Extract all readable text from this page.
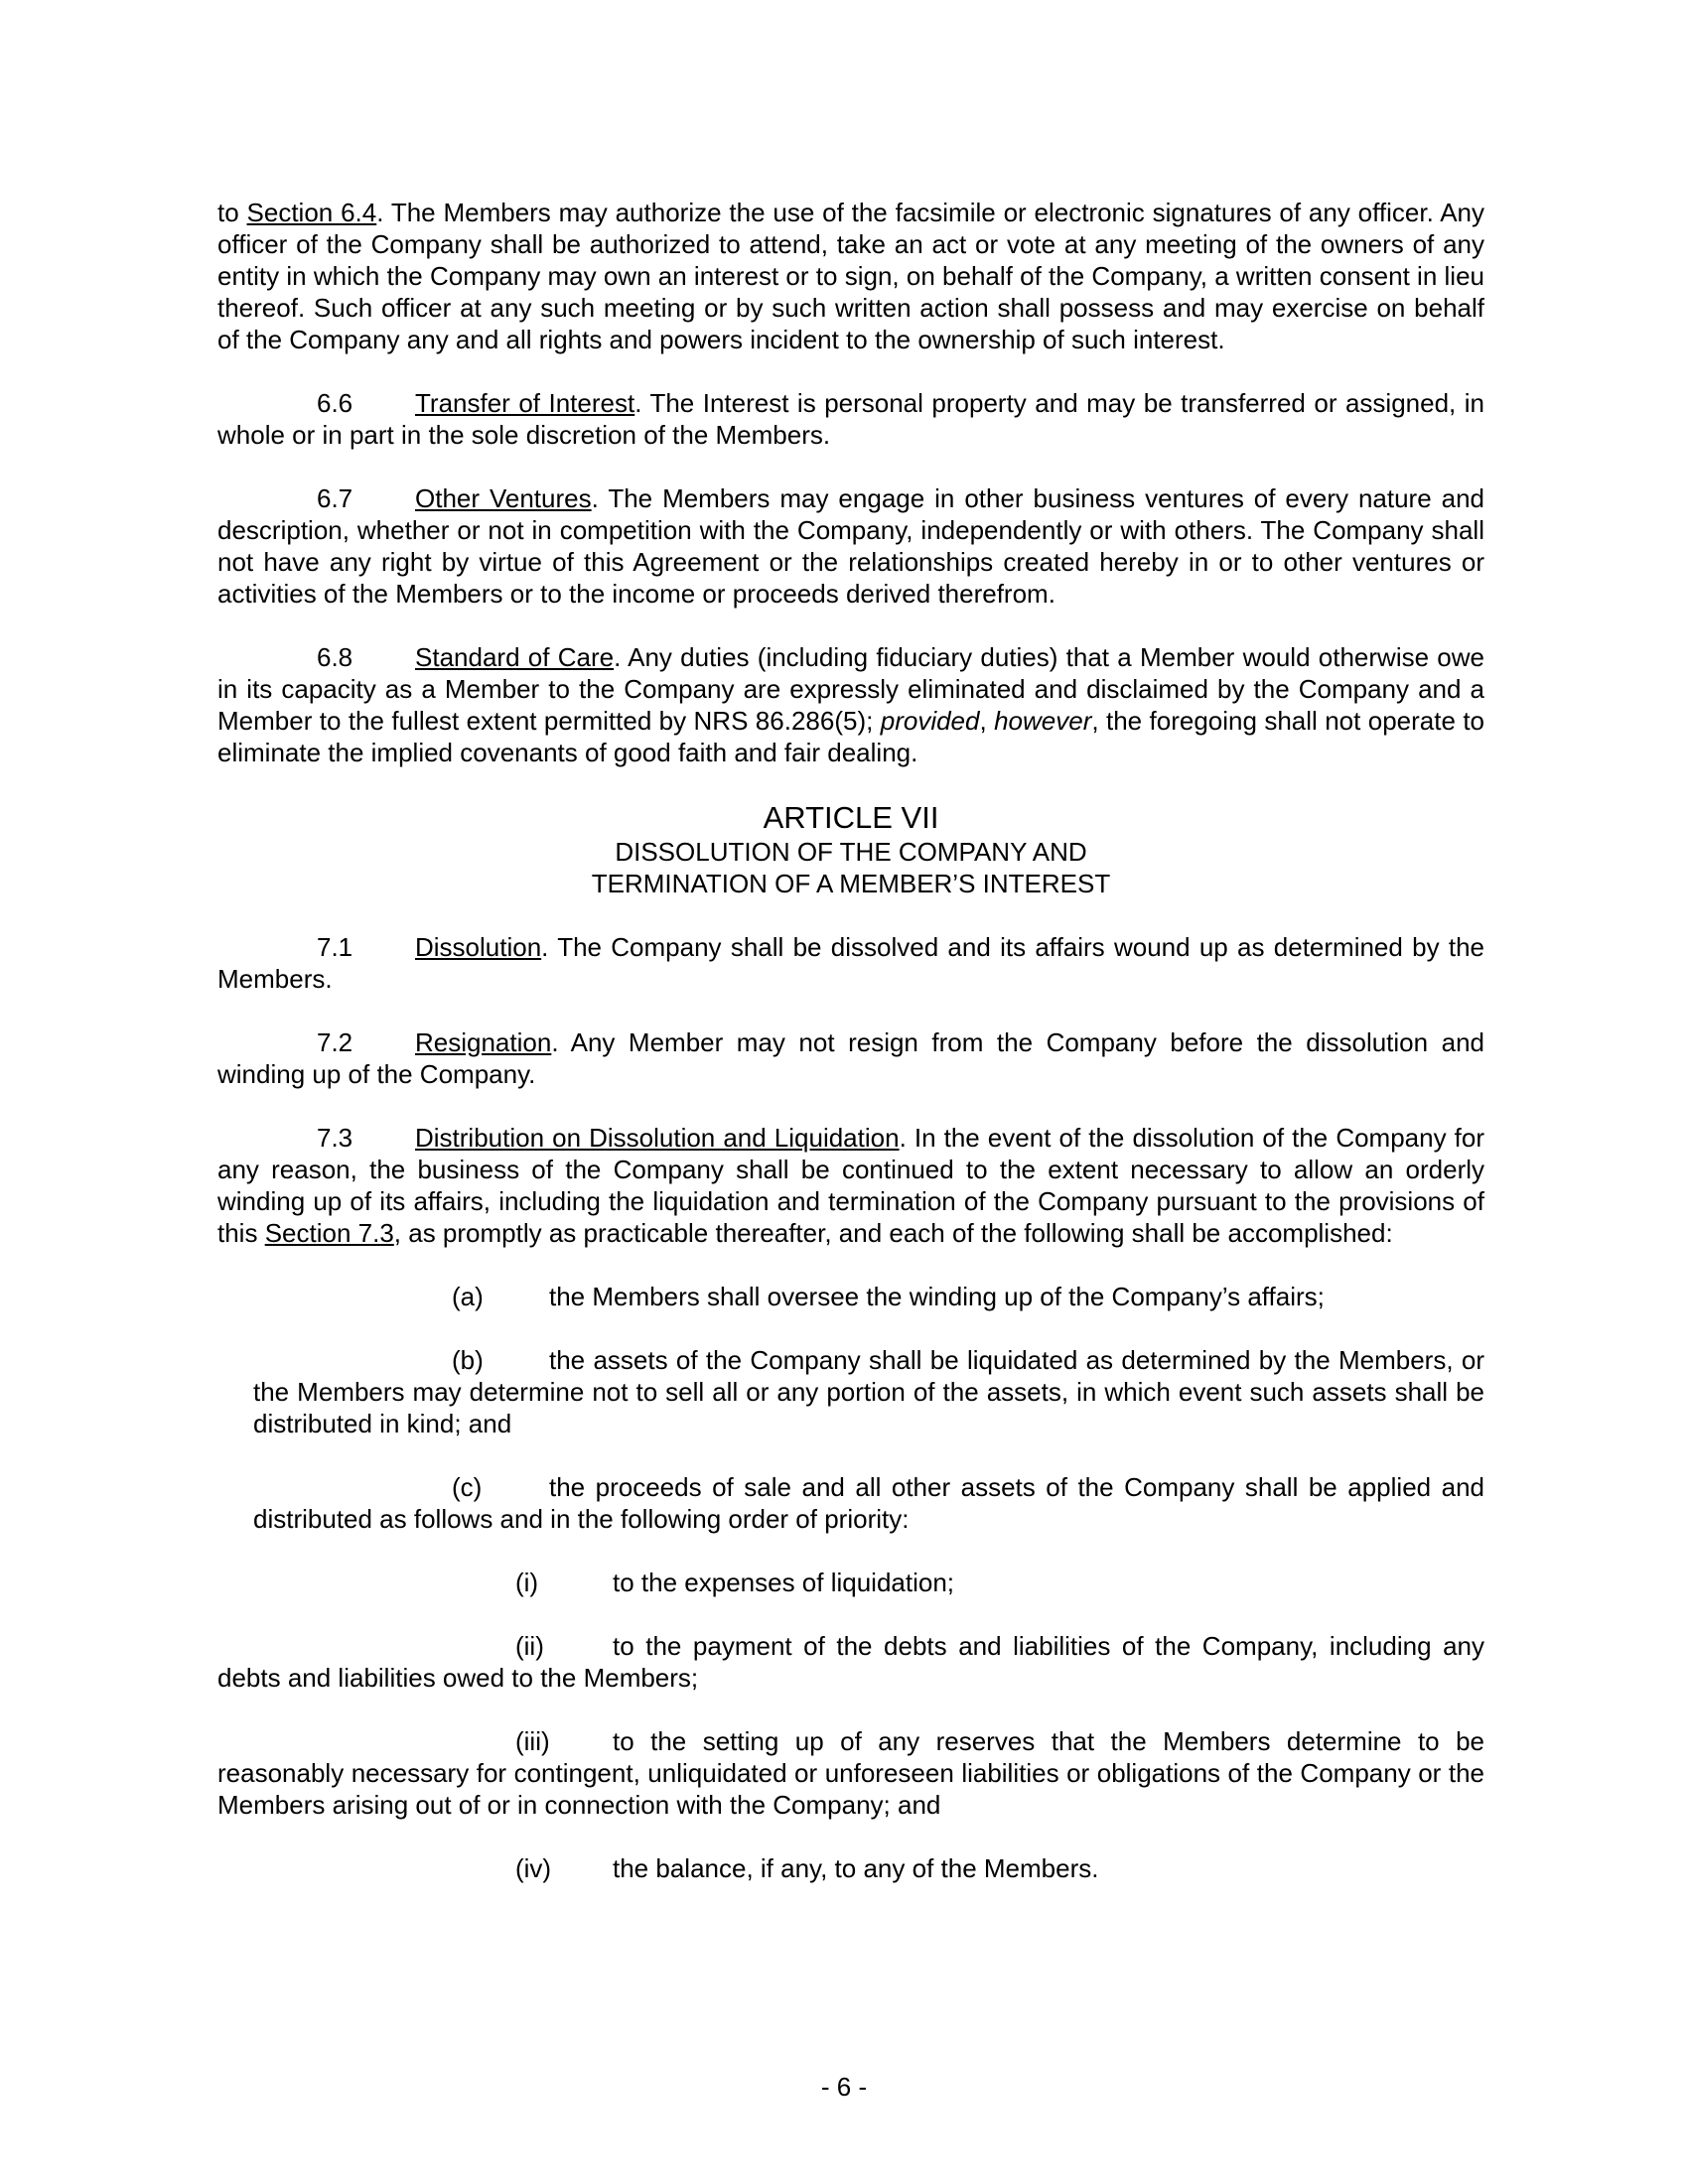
to Section 6.4. The Members may authorize the use of the facsimile or electronic signatures of any officer. Any officer of the Company shall be authorized to attend, take an act or vote at any meeting of the owners of any entity in which the Company may own an interest or to sign, on behalf of the Company, a written consent in lieu thereof. Such officer at any such meeting or by such written action shall possess and may exercise on behalf of the Company any and all rights and powers incident to the ownership of such interest.

6.6 Transfer of Interest. The Interest is personal property and may be transferred or assigned, in whole or in part in the sole discretion of the Members.

6.7 Other Ventures. The Members may engage in other business ventures of every nature and description, whether or not in competition with the Company, independently or with others. The Company shall not have any right by virtue of this Agreement or the relationships created hereby in or to other ventures or activities of the Members or to the income or proceeds derived therefrom.

6.8 Standard of Care. Any duties (including fiduciary duties) that a Member would otherwise owe in its capacity as a Member to the Company are expressly eliminated and disclaimed by the Company and a Member to the fullest extent permitted by NRS 86.286(5); provided, however, the foregoing shall not operate to eliminate the implied covenants of good faith and fair dealing.

ARTICLE VII
DISSOLUTION OF THE COMPANY AND
TERMINATION OF A MEMBER’S INTEREST

7.1 Dissolution. The Company shall be dissolved and its affairs wound up as determined by the Members.

7.2 Resignation. Any Member may not resign from the Company before the dissolution and winding up of the Company.

7.3 Distribution on Dissolution and Liquidation. In the event of the dissolution of the Company for any reason, the business of the Company shall be continued to the extent necessary to allow an orderly winding up of its affairs, including the liquidation and termination of the Company pursuant to the provisions of this Section 7.3, as promptly as practicable thereafter, and each of the following shall be accomplished:

(a)	the Members shall oversee the winding up of the Company’s affairs;

(b)	the assets of the Company shall be liquidated as determined by the Members, or the Members may determine not to sell all or any portion of the assets, in which event such assets shall be distributed in kind; and

(c)	the proceeds of sale and all other assets of the Company shall be applied and distributed as follows and in the following order of priority:

(i)	to the expenses of liquidation;

(ii)	to the payment of the debts and liabilities of the Company, including any debts and liabilities owed to the Members;

(iii) to the setting up of any reserves that the Members determine to be reasonably necessary for contingent, unliquidated or unforeseen liabilities or obligations of the Company or the Members arising out of or in connection with the Company; and

(iv) the balance, if any, to any of the Members.

- 6 -
